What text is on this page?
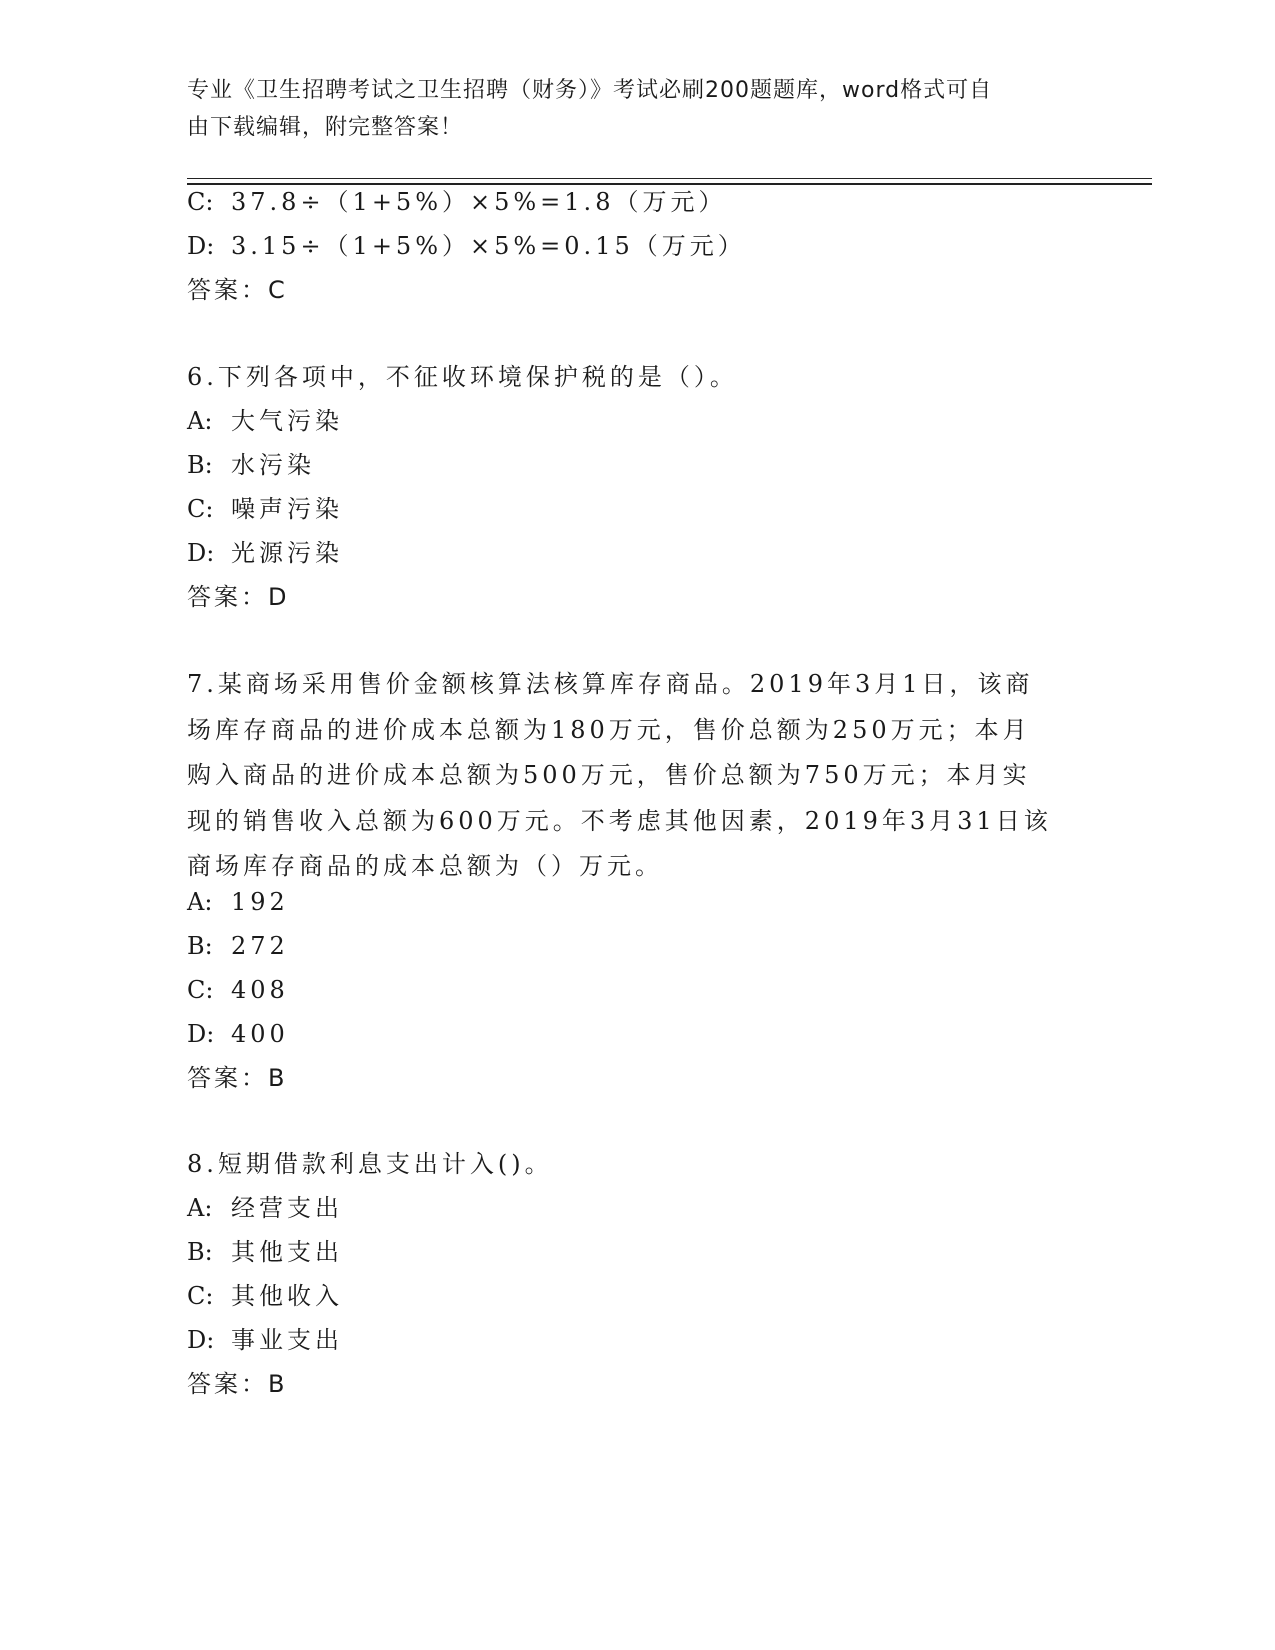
专业《卫生招聘考试之卫生招聘（财务）》考试必刷200题题库，word格式可自
由下载编辑，附完整答案！
C: 37.8÷（1+5%）×5%=1.8（万元）
D: 3.15÷（1+5%）×5%=0.15（万元）
答案：C
6.下列各项中，不征收环境保护税的是（）。
A: 大气污染
B: 水污染
C: 噪声污染
D: 光源污染
答案：D
7.某商场采用售价金额核算法核算库存商品。2019年3月1日，该商
场库存商品的进价成本总额为180万元，售价总额为250万元；本月
购入商品的进价成本总额为500万元，售价总额为750万元；本月实
现的销售收入总额为600万元。不考虑其他因素，2019年3月31日该
商场库存商品的成本总额为（）万元。
A: 192
B: 272
C: 408
D: 400
答案：B
8.短期借款利息支出计入()。
A: 经营支出
B: 其他支出
C: 其他收入
D: 事业支出
答案：B
